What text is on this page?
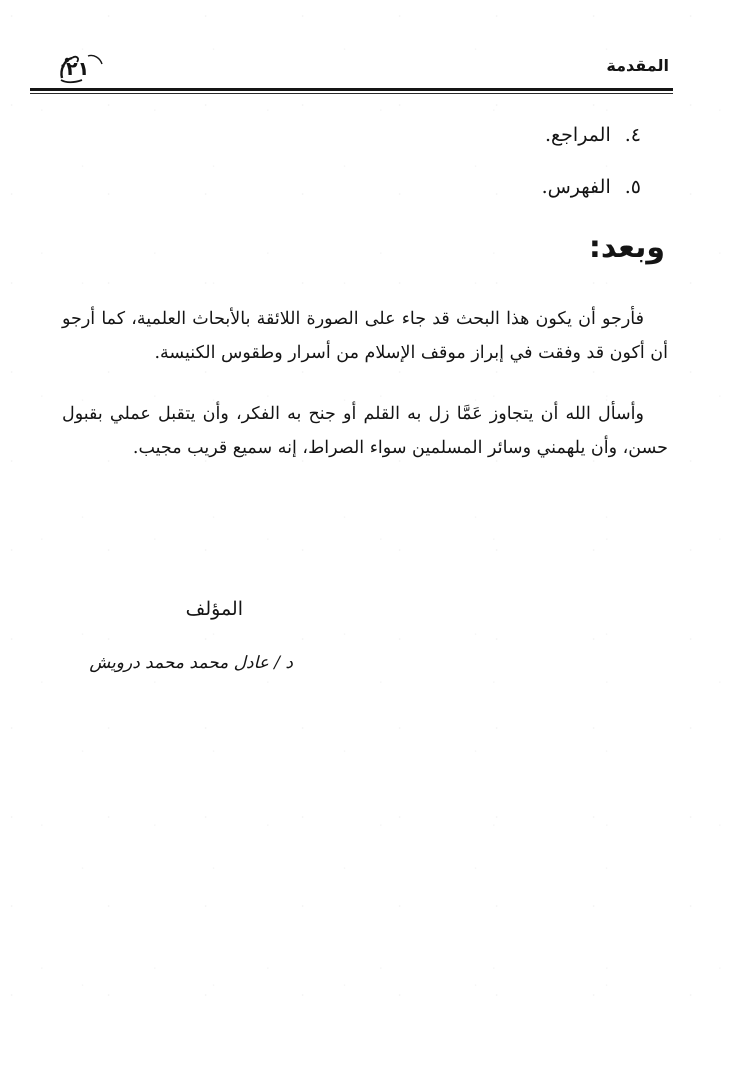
المقدمة
٢١
٤.المراجع.
٥.الفهرس.
وبعد:

فأرجو أن يكون هذا البحث قد جاء على الصورة اللائقة بالأبحاث العلمية، كما أرجو أن أكون قد وفقت في إبراز موقف الإسلام من أسرار وطقوس الكنيسة.

وأسأل الله أن يتجاوز عَمَّا زل به القلم أو جنح به الفكر، وأن يتقبل عملي بقبول حسن، وأن يلهمني وسائر المسلمين سواء الصراط، إنه سميع قريب مجيب.

المؤلف
د / عادل محمد محمد درويش
